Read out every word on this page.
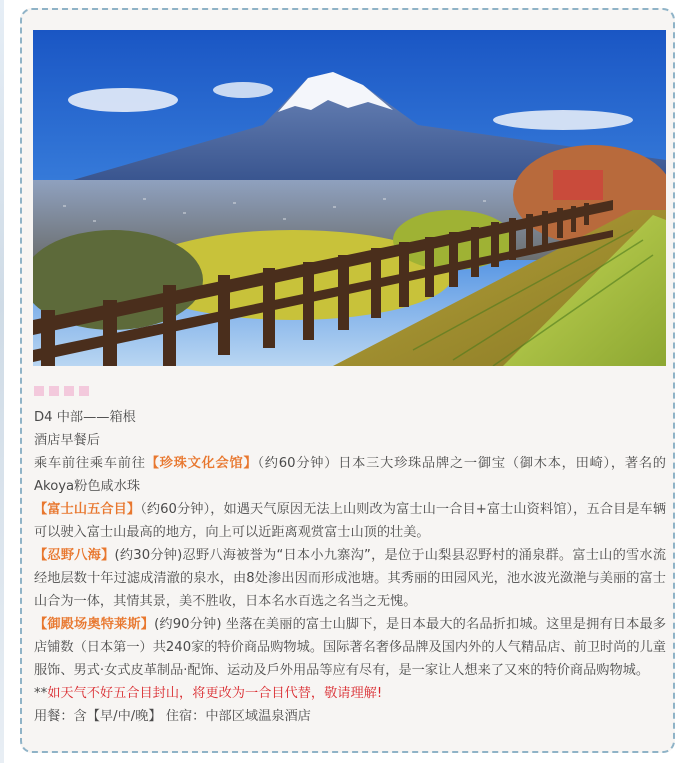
D4 中部——箱根
酒店早餐后
乘车前往乘车前往【珍珠文化会馆】（约60分钟）日本三大珍珠品牌之一御宝（御木本，田崎），著名的Akoya粉色咸水珠
【富士山五合目】（约60分钟），如遇天气原因无法上山则改为富士山一合目+富士山资料馆），五合目是车辆可以驶入富士山最高的地方，向上可以近距离观赏富士山顶的壮美。
【忍野八海】(约30分钟)忍野八海被誉为“日本小九寨沟”，是位于山梨县忍野村的涌泉群。富士山的雪水流经地层数十年过滤成清澈的泉水，由8处渗出因而形成池塘。其秀丽的田园风光，池水波光潋滟与美丽的富士山合为一体，其情其景，美不胜收，日本名水百选之名当之无愧。
【御殿场奥特莱斯】(约90分钟) 坐落在美丽的富士山脚下，是日本最大的名品折扣城。这里是拥有日本最多店铺数（日本第一）共240家的特价商品购物城。国际著名奢侈品牌及国内外的人气精品店、前卫时尚的儿童服饰、男式·女式皮革制品·配饰、运动及戶外用品等应有尽有，是一家让人想来了又來的特价商品购物城。
**如天气不好五合目封山，将更改为一合目代替，敬请理解!
用餐：含【早/中/晚】 住宿：中部区域温泉酒店
